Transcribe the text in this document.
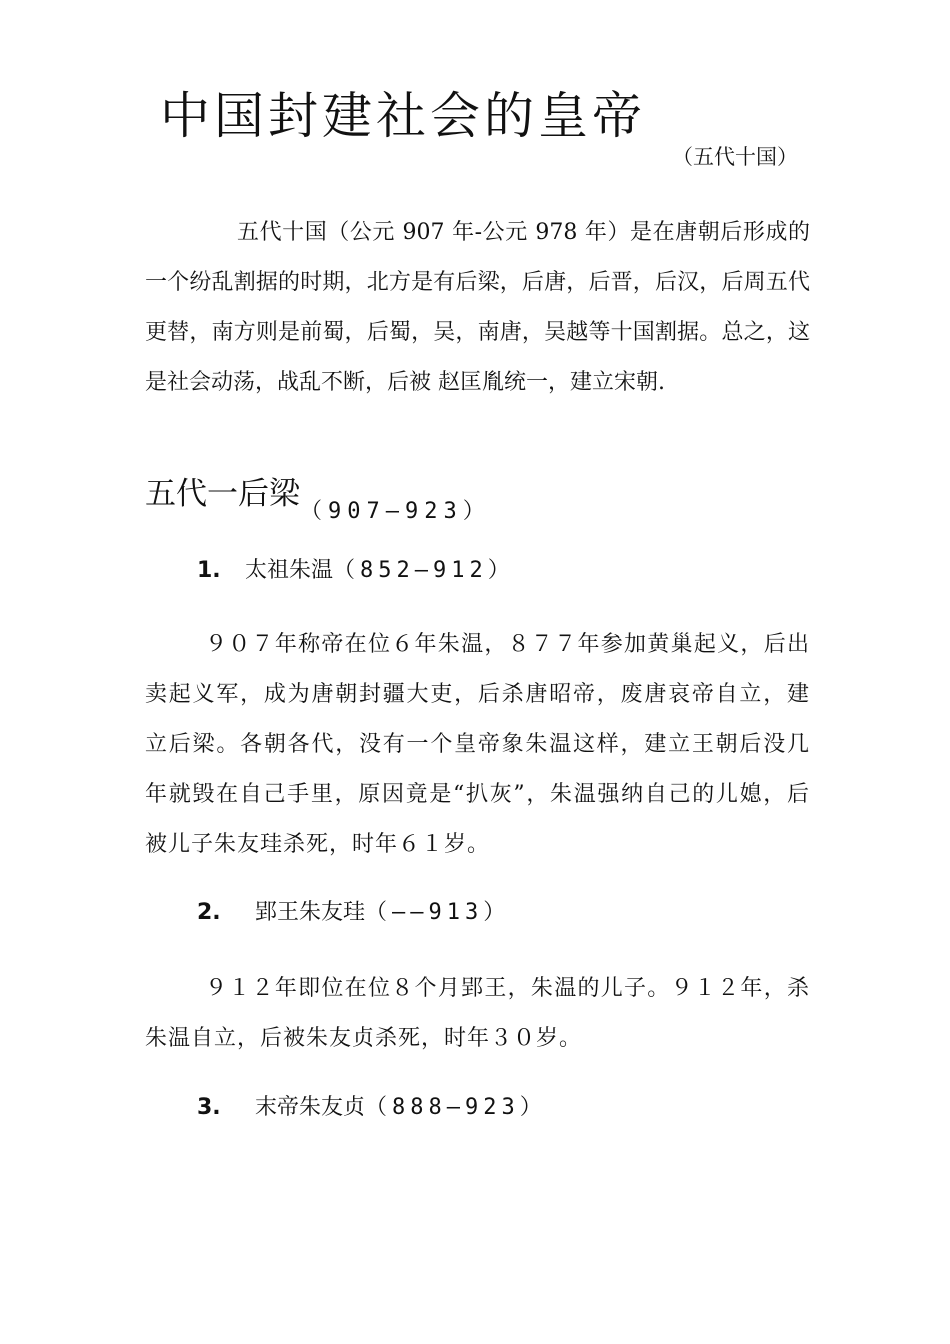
中国封建社会的皇帝
（五代十国）
五代十国（公元 907 年-公元 978 年）是在唐朝后形成的一个纷乱割据的时期，北方是有后梁，后唐，后晋，后汉，后周五代更替，南方则是前蜀，后蜀，吴，南唐，吴越等十国割据。总之，这是社会动荡，战乱不断，后被 赵匡胤统一，建立宋朝.
五代一后梁$_{(907—923)}$
1. 太祖朱温（852—912）
９０７年称帝在位６年朱温，８７７年参加黄巢起义，后出卖起义军，成为唐朝封疆大吏，后杀唐昭帝，废唐哀帝自立，建立后梁。各朝各代，没有一个皇帝象朱温这样，建立王朝后没几年就毁在自己手里，原因竟是“扒灰”，朱温强纳自己的儿媳，后被儿子朱友珪杀死，时年６１岁。
2. 郢王朱友珪（——913）
９１２年即位在位８个月郢王，朱温的儿子。９１２年，杀朱温自立，后被朱友贞杀死，时年３０岁。
3. 末帝朱友贞（888—923）
